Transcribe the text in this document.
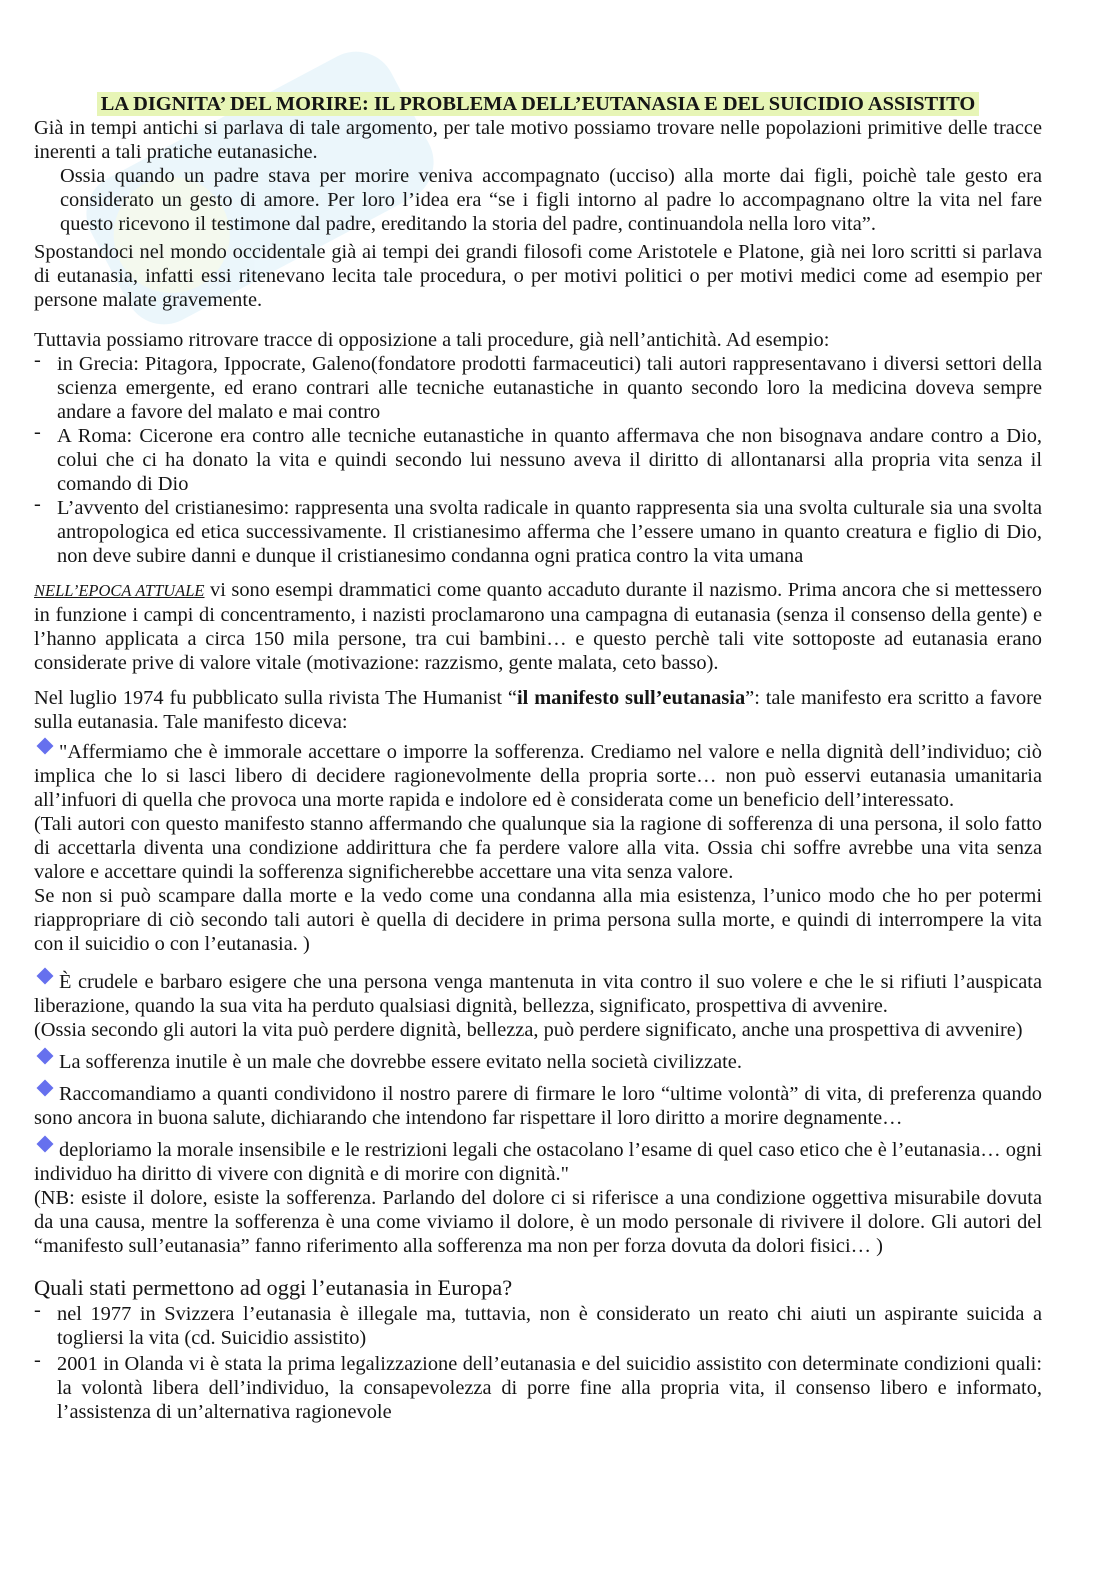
LA DIGNITA’ DEL MORIRE: IL PROBLEMA DELL’EUTANASIA E DEL SUICIDIO ASSISTITO

Già in tempi antichi si parlava di tale argomento, per tale motivo possiamo trovare nelle popolazioni primitive delle tracce inerenti a tali pratiche eutanasiche.

Ossia quando un padre stava per morire veniva accompagnato (ucciso) alla morte dai figli, poichè tale gesto era considerato un gesto di amore. Per loro l’idea era “se i figli intorno al padre lo accompagnano oltre la vita nel fare questo ricevono il testimone dal padre, ereditando la storia del padre, continuandola nella loro vita”.

Spostandoci nel mondo occidentale già ai tempi dei grandi filosofi come Aristotele e Platone, già nei loro scritti si parlava di eutanasia, infatti essi ritenevano lecita tale procedura, o per motivi politici o per motivi medici come ad esempio per persone malate gravemente.

Tuttavia possiamo ritrovare tracce di opposizione a tali procedure, già nell’antichità. Ad esempio:

- in Grecia: Pitagora, Ippocrate, Galeno(fondatore prodotti farmaceutici) tali autori rappresentavano i diversi settori della scienza emergente, ed erano contrari alle tecniche eutanastiche in quanto secondo loro la medicina doveva sempre andare a favore del malato e mai contro
- A Roma: Cicerone era contro alle tecniche eutanastiche in quanto affermava che non bisognava andare contro a Dio, colui che ci ha donato la vita e quindi secondo lui nessuno aveva il diritto di allontanarsi alla propria vita senza il comando di Dio
- L’avvento del cristianesimo: rappresenta una svolta radicale in quanto rappresenta sia una svolta culturale sia una svolta antropologica ed etica successivamente. Il cristianesimo afferma che l’essere umano in quanto creatura e figlio di Dio, non deve subire danni e dunque il cristianesimo condanna ogni pratica contro la vita umana

NELL’EPOCA ATTUALE vi sono esempi drammatici come quanto accaduto durante il nazismo. Prima ancora che si mettessero in funzione i campi di concentramento, i nazisti proclamarono una campagna di eutanasia (senza il consenso della gente) e l’hanno applicata a circa 150 mila persone, tra cui bambini… e questo perchè tali vite sottoposte ad eutanasia erano considerate prive di valore vitale (motivazione: razzismo, gente malata, ceto basso).

Nel luglio 1974 fu pubblicato sulla rivista The Humanist “il manifesto sull’eutanasia”: tale manifesto era scritto a favore sulla eutanasia. Tale manifesto diceva:

"Affermiamo che è immorale accettare o imporre la sofferenza. Crediamo nel valore e nella dignità dell’individuo; ciò implica che lo si lasci libero di decidere ragionevolmente della propria sorte… non può esservi eutanasia umanitaria all’infuori di quella che provoca una morte rapida e indolore ed è considerata come un beneficio dell’interessato.

(Tali autori con questo manifesto stanno affermando che qualunque sia la ragione di sofferenza di una persona, il solo fatto di accettarla diventa una condizione addirittura che fa perdere valore alla vita. Ossia chi soffre avrebbe una vita senza valore e accettare quindi la sofferenza significherebbe accettare una vita senza valore.

Se non si può scampare dalla morte e la vedo come una condanna alla mia esistenza, l’unico modo che ho per potermi riappropriare di ciò secondo tali autori è quella di decidere in prima persona sulla morte, e quindi di interrompere la vita con il suicidio o con l’eutanasia. )

È crudele e barbaro esigere che una persona venga mantenuta in vita contro il suo volere e che le si rifiuti l’auspicata liberazione, quando la sua vita ha perduto qualsiasi dignità, bellezza, significato, prospettiva di avvenire.

(Ossia secondo gli autori la vita può perdere dignità, bellezza, può perdere significato, anche una prospettiva di avvenire)

La sofferenza inutile è un male che dovrebbe essere evitato nella società civilizzate.

Raccomandiamo a quanti condividono il nostro parere di firmare le loro “ultime volontà” di vita, di preferenza quando sono ancora in buona salute, dichiarando che intendono far rispettare il loro diritto a morire degnamente…

deploriamo la morale insensibile e le restrizioni legali che ostacolano l’esame di quel caso etico che è l’eutanasia… ogni individuo ha diritto di vivere con dignità e di morire con dignità."

(NB: esiste il dolore, esiste la sofferenza. Parlando del dolore ci si riferisce a una condizione oggettiva misurabile dovuta da una causa, mentre la sofferenza è una come viviamo il dolore, è un modo personale di rivivere il dolore. Gli autori del “manifesto sull’eutanasia” fanno riferimento alla sofferenza ma non per forza dovuta da dolori fisici… )

Quali stati permettono ad oggi l’eutanasia in Europa?
- nel 1977 in Svizzera l’eutanasia è illegale ma, tuttavia, non è considerato un reato chi aiuti un aspirante suicida a togliersi la vita (cd. Suicidio assistito)
- 2001 in Olanda vi è stata la prima legalizzazione dell’eutanasia e del suicidio assistito con determinate condizioni quali: la volontà libera dell’individuo, la consapevolezza di porre fine alla propria vita, il consenso libero e informato, l’assistenza di un’alternativa ragionevole
